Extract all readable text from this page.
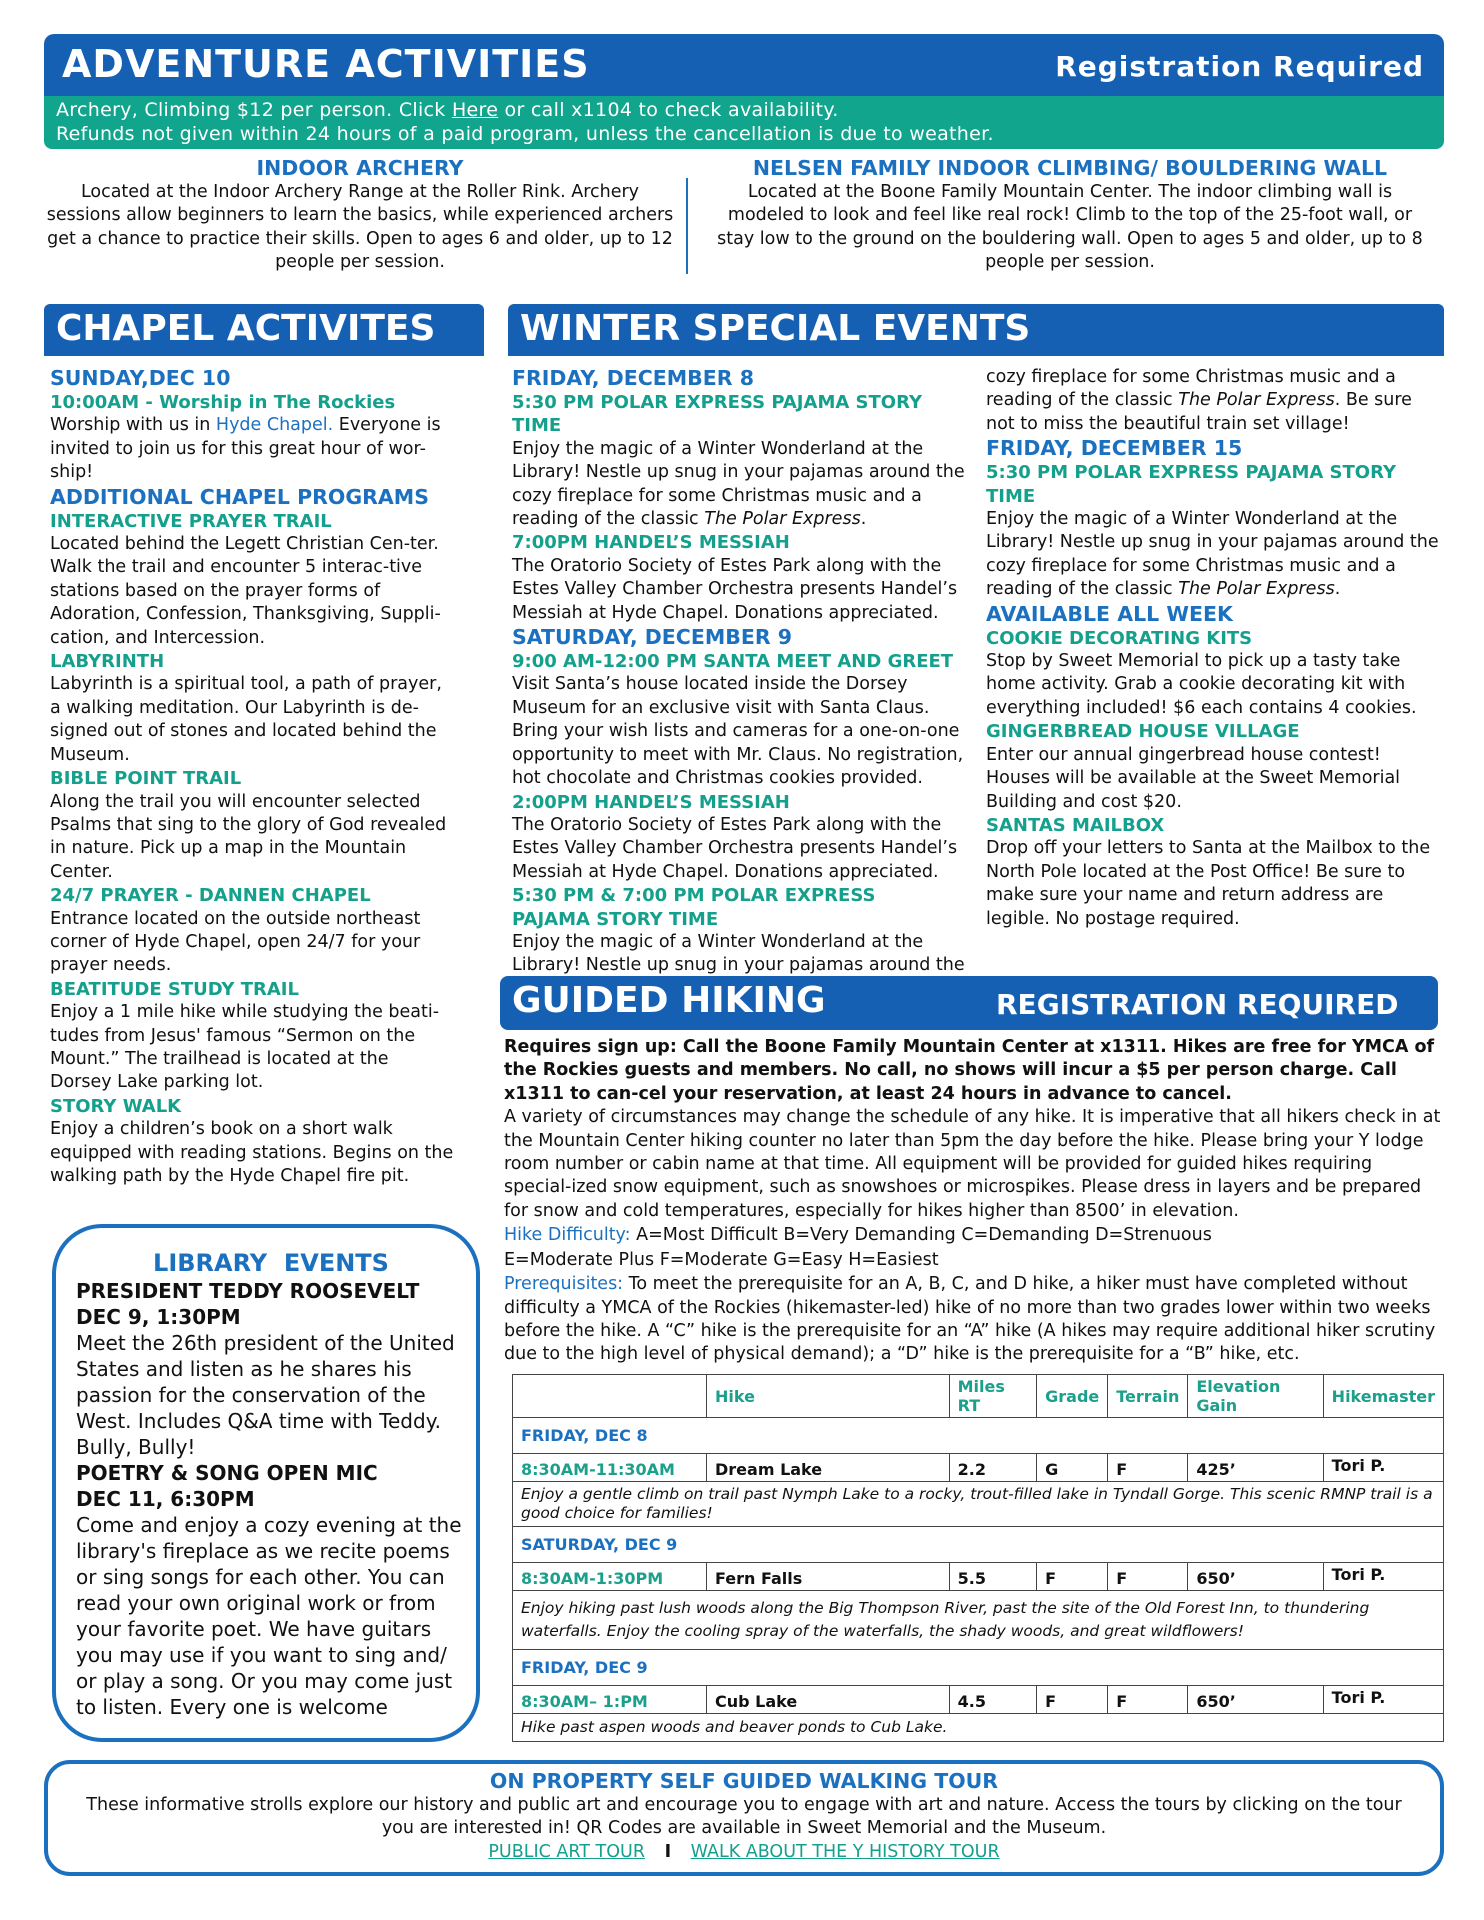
ADVENTURE ACTIVITIES	Registration Required
Archery, Climbing $12 per person. Click Here or call x1104 to check availability.
Refunds not given within 24 hours of a paid program, unless the cancellation is due to weather.
INDOOR ARCHERY
Located at the Indoor Archery Range at the Roller Rink. Archery sessions allow beginners to learn the basics, while experienced archers get a chance to practice their skills. Open to ages 6 and older, up to 12 people per session.
NELSEN FAMILY INDOOR CLIMBING/ BOULDERING WALL
Located at the Boone Family Mountain Center. The indoor climbing wall is modeled to look and feel like real rock! Climb to the top of the 25-foot wall, or stay low to the ground on the bouldering wall. Open to ages 5 and older, up to 8 people per session.
CHAPEL ACTIVITES
SUNDAY,DEC 10
10:00AM - Worship in The Rockies
Worship with us in Hyde Chapel. Everyone is invited to join us for this great hour of wor-ship!
ADDITIONAL CHAPEL PROGRAMS
INTERACTIVE PRAYER TRAIL
Located behind the Legett Christian Cen-ter. Walk the trail and encounter 5 interac-tive stations based on the prayer forms of Adoration, Confession, Thanksgiving, Suppli-cation, and Intercession.
LABYRINTH
Labyrinth is a spiritual tool, a path of prayer, a walking meditation. Our Labyrinth is de-signed out of stones and located behind the Museum.
BIBLE POINT TRAIL
Along the trail you will encounter selected Psalms that sing to the glory of God revealed in nature. Pick up a map in the Mountain Center.
24/7 PRAYER - DANNEN CHAPEL
Entrance located on the outside northeast corner of Hyde Chapel, open 24/7 for your prayer needs.
BEATITUDE STUDY TRAIL
Enjoy a 1 mile hike while studying the beati-tudes from Jesus' famous “Sermon on the Mount.” The trailhead is located at the Dorsey Lake parking lot.
STORY WALK
Enjoy a children’s book on a short walk equipped with reading stations. Begins on the walking path by the Hyde Chapel fire pit.
LIBRARY  EVENTS
PRESIDENT TEDDY ROOSEVELT
DEC 9, 1:30PM
Meet the 26th president of the United States and listen as he shares his passion for the conservation of the West. Includes Q&A time with Teddy. Bully, Bully!
POETRY & SONG OPEN MIC
DEC 11, 6:30PM
Come and enjoy a cozy evening at the library's fireplace as we recite poems or sing songs for each other. You can read your own original work or from your favorite poet. We have guitars you may use if you want to sing and/ or play a song. Or you may come just to listen. Every one is welcome
WINTER SPECIAL EVENTS
FRIDAY, DECEMBER 8
5:30 PM POLAR EXPRESS PAJAMA STORY TIME
Enjoy the magic of a Winter Wonderland at the Library! Nestle up snug in your pajamas around the cozy fireplace for some Christmas music and a reading of the classic The Polar Express.
7:00PM HANDEL’S MESSIAH
The Oratorio Society of Estes Park along with the Estes Valley Chamber Orchestra presents Handel’s Messiah at Hyde Chapel. Donations appreciated.
SATURDAY, DECEMBER 9
9:00 AM-12:00 PM SANTA MEET AND GREET
Visit Santa’s house located inside the Dorsey Museum for an exclusive visit with Santa Claus. Bring your wish lists and cameras for a one-on-one opportunity to meet with Mr. Claus. No registration, hot chocolate and Christmas cookies provided.
2:00PM HANDEL’S MESSIAH
The Oratorio Society of Estes Park along with the Estes Valley Chamber Orchestra presents Handel’s Messiah at Hyde Chapel. Donations appreciated.
5:30 PM & 7:00 PM POLAR EXPRESS
PAJAMA STORY TIME
Enjoy the magic of a Winter Wonderland at the Library! Nestle up snug in your pajamas around the
cozy fireplace for some Christmas music and a reading of the classic The Polar Express. Be sure not to miss the beautiful train set village!
FRIDAY, DECEMBER 15
5:30 PM POLAR EXPRESS PAJAMA STORY TIME
Enjoy the magic of a Winter Wonderland at the Library! Nestle up snug in your pajamas around the cozy fireplace for some Christmas music and a reading of the classic The Polar Express.
AVAILABLE ALL WEEK
COOKIE DECORATING KITS
Stop by Sweet Memorial to pick up a tasty take home activity. Grab a cookie decorating kit with everything included! $6 each contains 4 cookies.
GINGERBREAD HOUSE VILLAGE
Enter our annual gingerbread house contest! Houses will be available at the Sweet Memorial Building and cost $20.
SANTAS MAILBOX
Drop off your letters to Santa at the Mailbox to the North Pole located at the Post Office! Be sure to make sure your name and return address are legible. No postage required.
GUIDED HIKING	REGISTRATION REQUIRED
Requires sign up: Call the Boone Family Mountain Center at x1311. Hikes are free for YMCA of the Rockies guests and members. No call, no shows will incur a $5 per person charge. Call x1311 to can-cel your reservation, at least 24 hours in advance to cancel.
A variety of circumstances may change the schedule of any hike. It is imperative that all hikers check in at the Mountain Center hiking counter no later than 5pm the day before the hike. Please bring your Y lodge room number or cabin name at that time. All equipment will be provided for guided hikes requiring special-ized snow equipment, such as snowshoes or microspikes. Please dress in layers and be prepared for snow and cold temperatures, especially for hikes higher than 8500’ in elevation.
Hike Difficulty: A=Most Difficult B=Very Demanding C=Demanding D=Strenuous
E=Moderate Plus F=Moderate G=Easy H=Easiest
Prerequisites: To meet the prerequisite for an A, B, C, and D hike, a hiker must have completed without difficulty a YMCA of the Rockies (hikemaster-led) hike of no more than two grades lower within two weeks before the hike. A “C” hike is the prerequisite for an “A” hike (A hikes may require additional hiker scrutiny due to the high level of physical demand); a “D” hike is the prerequisite for a “B” hike, etc.
	Hike	Miles RT	Grade	Terrain	Elevation Gain	Hikemaster
FRIDAY, DEC 8						
8:30AM-11:30AM	Dream Lake	2.2	G	F	425’	Tori P.
Enjoy a gentle climb on trail past Nymph Lake to a rocky, trout-filled lake in Tyndall Gorge. This scenic RMNP trail is a good choice for families!						
SATURDAY, DEC 9						
8:30AM-1:30PM	Fern Falls	5.5	F	F	650’	Tori P.
Enjoy hiking past lush woods along the Big Thompson River, past the site of the Old Forest Inn, to thundering waterfalls. Enjoy the cooling spray of the waterfalls, the shady woods, and great wildflowers!						
FRIDAY, DEC 9						
8:30AM– 1:PM	Cub Lake	4.5	F	F	650’	Tori P.
Hike past aspen woods and beaver ponds to Cub Lake.						
ON PROPERTY SELF GUIDED WALKING TOUR
These informative strolls explore our history and public art and encourage you to engage with art and nature. Access the tours by clicking on the tour you are interested in! QR Codes are available in Sweet Memorial and the Museum.
PUBLIC ART TOUR I WALK ABOUT THE Y HISTORY TOUR
